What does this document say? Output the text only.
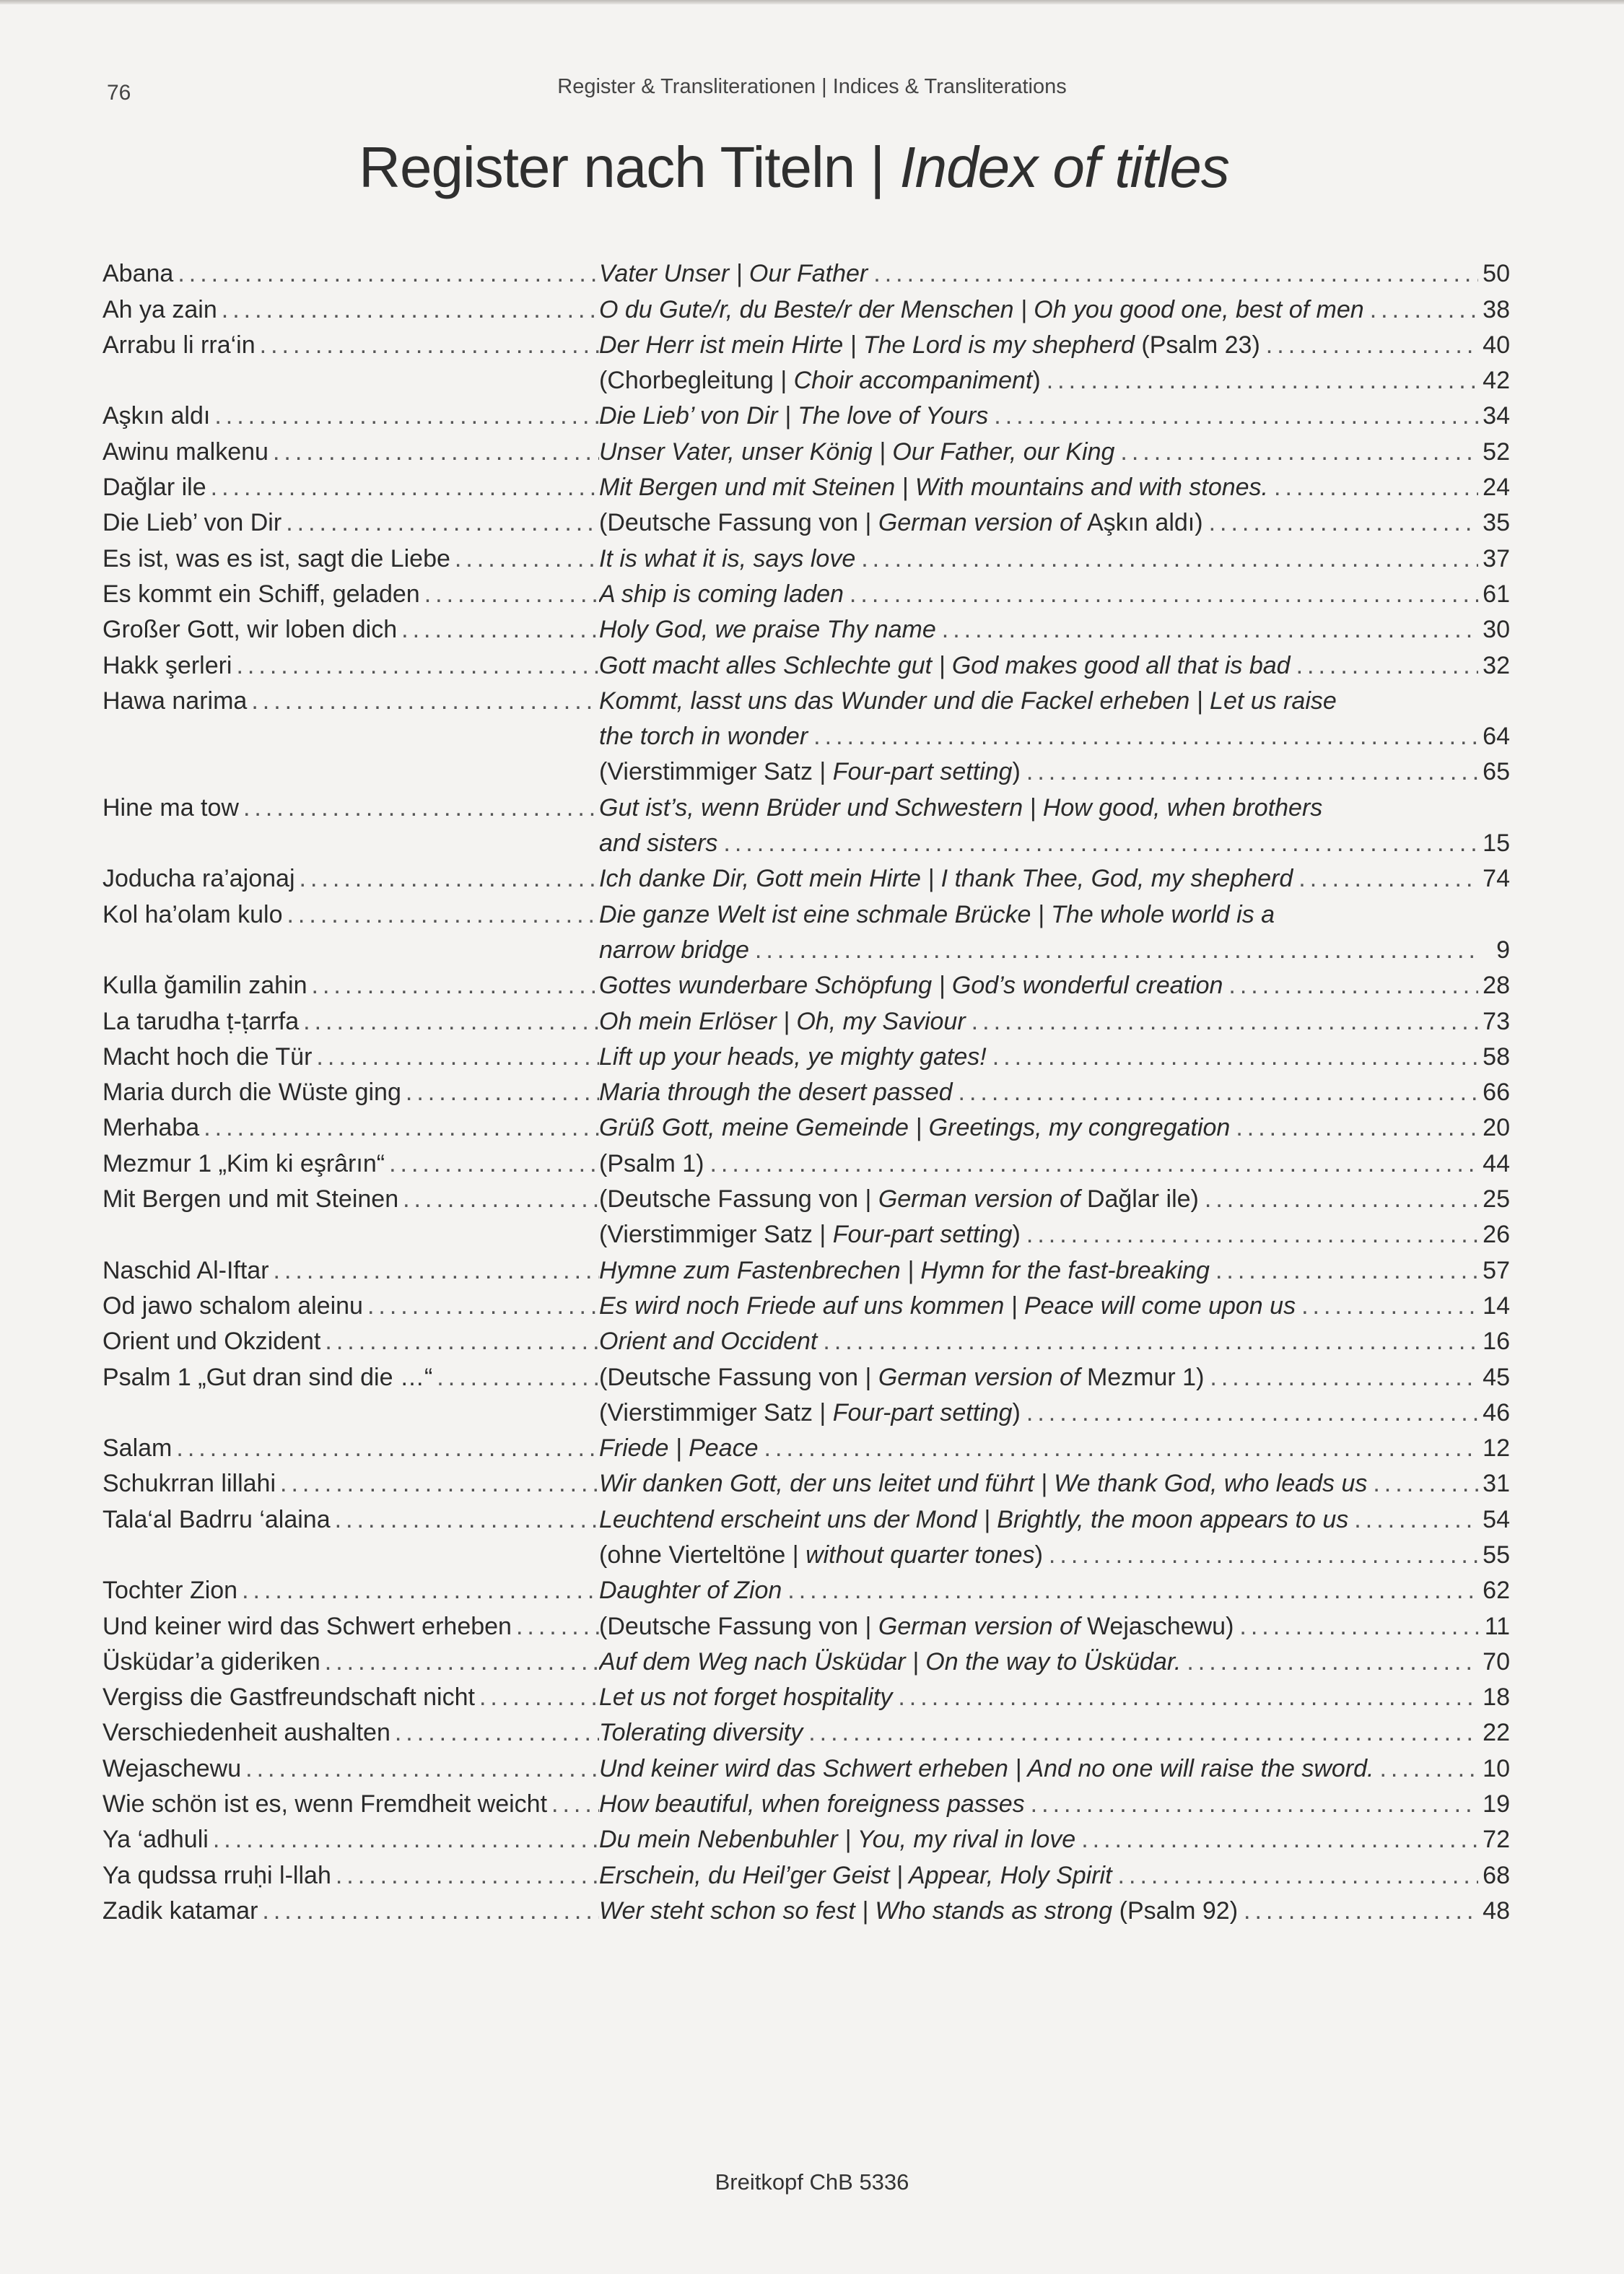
76	Register & Transliterationen | Indices & Transliterations
Register nach Titeln | Index of titles
Abana .....	Vater Unser | Our Father .....	50
Ah ya zain .....	O du Gute/r, du Beste/r der Menschen | Oh you good one, best of men .....	38
Arrabu li rra‘in .....	Der Herr ist mein Hirte | The Lord is my shepherd (Psalm 23) .....	40
(Chorbegleitung | Choir accompaniment) .....	42
Aşkın aldı .....	Die Lieb’ von Dir | The love of Yours .....	34
Awinu malkenu .....	Unser Vater, unser König | Our Father, our King .....	52
Dağlar ile .....	Mit Bergen und mit Steinen | With mountains and with stones. .....	24
Die Lieb’ von Dir .....	(Deutsche Fassung von | German version of Aşkın aldı) .....	35
Es ist, was es ist, sagt die Liebe .....	It is what it is, says love .....	37
Es kommt ein Schiff, geladen .....	A ship is coming laden .....	61
Großer Gott, wir loben dich .....	Holy God, we praise Thy name .....	30
Hakk şerleri .....	Gott macht alles Schlechte gut | God makes good all that is bad .....	32
Hawa narima .....	Kommt, lasst uns das Wunder und die Fackel erheben | Let us raise
the torch in wonder .....	64
(Vierstimmiger Satz | Four-part setting) .....	65
Hine ma tow .....	Gut ist’s, wenn Brüder und Schwestern | How good, when brothers
and sisters .....	15
Joducha ra’ajonaj .....	Ich danke Dir, Gott mein Hirte | I thank Thee, God, my shepherd .....	74
Kol ha’olam kulo .....	Die ganze Welt ist eine schmale Brücke | The whole world is a
narrow bridge .....	9
Kulla ğamilin zahin .....	Gottes wunderbare Schöpfung | God’s wonderful creation .....	28
La tarudha ṭ-ṭarrfa .....	Oh mein Erlöser | Oh, my Saviour .....	73
Macht hoch die Tür .....	Lift up your heads, ye mighty gates! .....	58
Maria durch die Wüste ging .....	Maria through the desert passed .....	66
Merhaba .....	Grüß Gott, meine Gemeinde | Greetings, my congregation .....	20
Mezmur 1 „Kim ki eşrârın“ .....	(Psalm 1) .....	44
Mit Bergen und mit Steinen .....	(Deutsche Fassung von | German version of Dağlar ile) .....	25
(Vierstimmiger Satz | Four-part setting) .....	26
Naschid Al-Iftar .....	Hymne zum Fastenbrechen | Hymn for the fast-breaking .....	57
Od jawo schalom aleinu .....	Es wird noch Friede auf uns kommen | Peace will come upon us .....	14
Orient und Okzident .....	Orient and Occident .....	16
Psalm 1 „Gut dran sind die …“ .....	(Deutsche Fassung von | German version of Mezmur 1) .....	45
(Vierstimmiger Satz | Four-part setting) .....	46
Salam .....	Friede | Peace .....	12
Schukrran lillahi .....	Wir danken Gott, der uns leitet und führt | We thank God, who leads us .....	31
Tala‘al Badrru ‘alaina .....	Leuchtend erscheint uns der Mond | Brightly, the moon appears to us .....	54
(ohne Vierteltöne | without quarter tones) .....	55
Tochter Zion .....	Daughter of Zion .....	62
Und keiner wird das Schwert erheben .....	(Deutsche Fassung von | German version of Wejaschewu) .....	11
Üsküdar’a gideriken .....	Auf dem Weg nach Üsküdar | On the way to Üsküdar. .....	70
Vergiss die Gastfreundschaft nicht .....	Let us not forget hospitality .....	18
Verschiedenheit aushalten .....	Tolerating diversity .....	22
Wejaschewu .....	Und keiner wird das Schwert erheben | And no one will raise the sword. .....	10
Wie schön ist es, wenn Fremdheit weicht ..... How beautiful, when foreigness passes .....	19
Ya ‘adhuli .....	Du mein Nebenbuhler | You, my rival in love .....	72
Ya qudssa rruḥi l-llah .....	Erschein, du Heil’ger Geist | Appear, Holy Spirit .....	68
Zadik katamar .....	Wer steht schon so fest | Who stands as strong (Psalm 92) .....	48
Breitkopf ChB 5336
